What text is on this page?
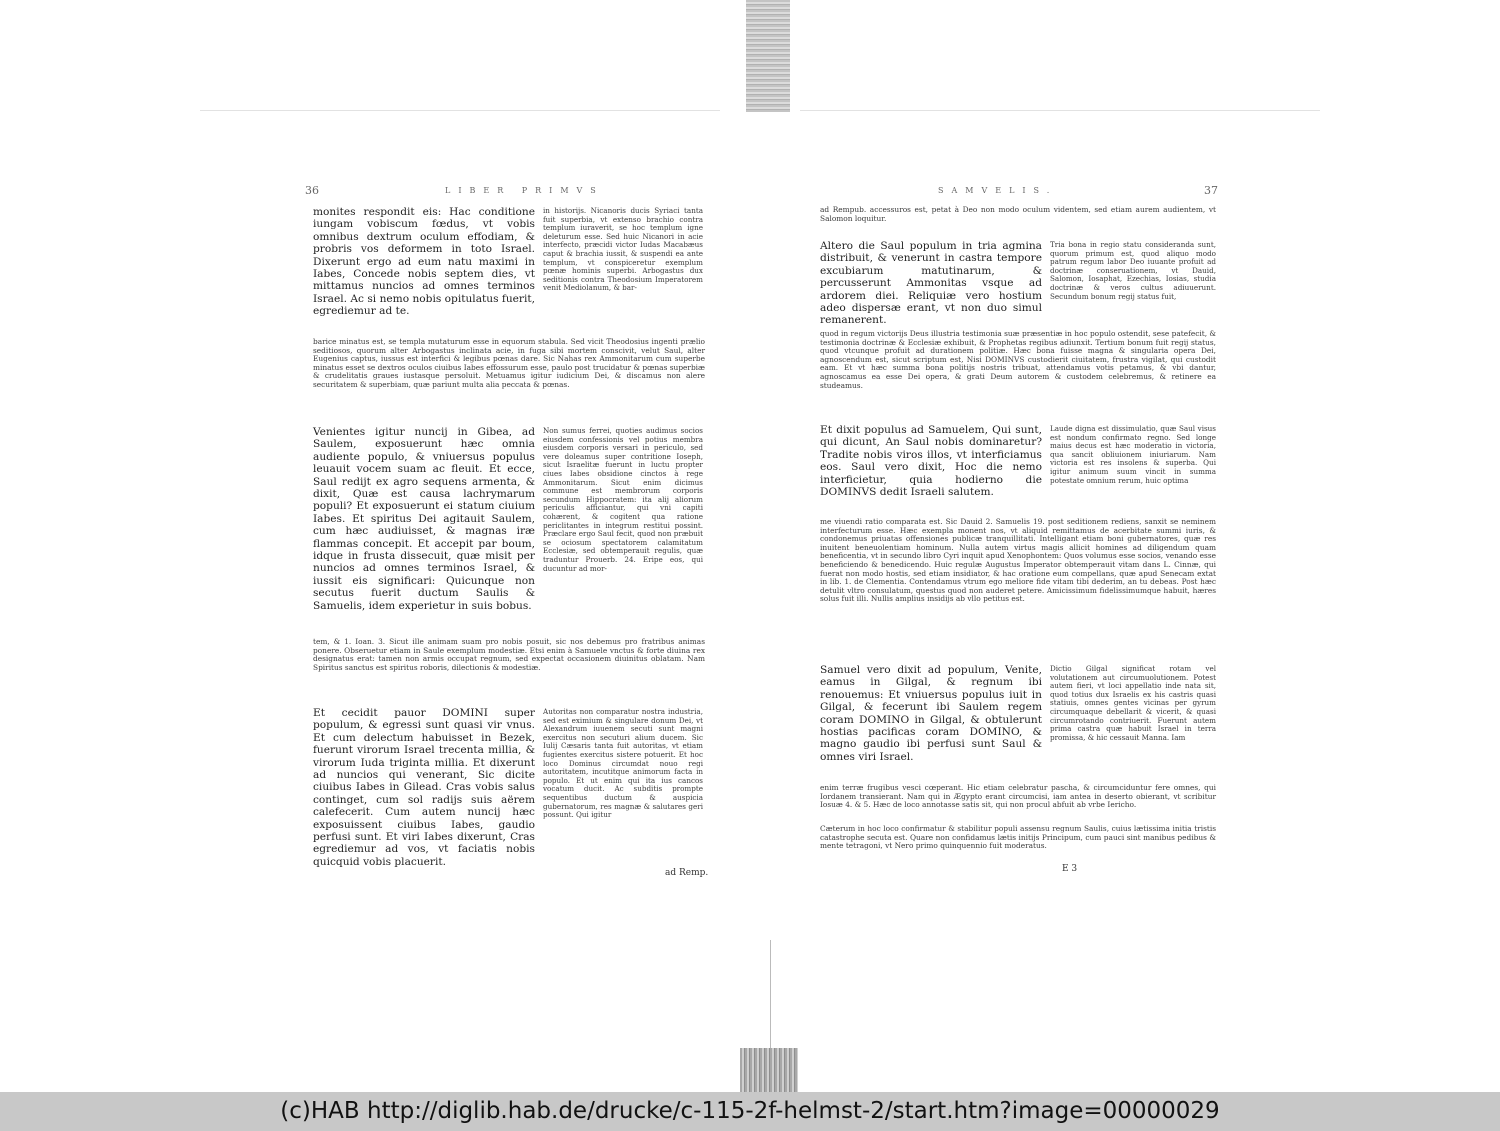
36	LIBER PRIMVS
monites respondit eis: Hac conditione iungam vobiscum fœdus, vt vobis omnibus dextrum oculum effodiam, & probris vos deformem in toto Israel. Dixerunt ergo ad eum natu maximi in Iabes, Concede nobis septem dies, vt mittamus nuncios ad omnes terminos Israel. Ac si nemo nobis opitulatus fuerit, egrediemur ad te.
in historijs. Nicanoris ducis Syriaci tanta fuit superbia, vt extenso brachio contra templum iuraverit, se hoc templum igne deleturum esse. Sed huic Nicanori in acie interfecto, præcidi victor Iudas Macabæus caput & brachia iussit, & suspendi ea ante templum, vt conspiceretur exemplum pœnæ hominis superbi. Arbogastus dux seditionis contra Theodosium Imperatorem venit Mediolanum, & bar-
barice minatus est, se templa mutaturum esse in equorum stabula. Sed vicit Theodosius ingenti prælio seditiosos, quorum alter Arbogastus inclinata acie, in fuga sibi mortem conscivit, velut Saul, alter Eugenius captus, iussus est interfici & legibus pœnas dare. Sic Nahas rex Ammonitarum cum superbe minatus esset se dextros oculos ciuibus Iabes effossurum esse, paulo post trucidatur & pœnas superbiæ & crudelitatis graues iustasque persoluit. Metuamus igitur iudicium Dei, & discamus non alere securitatem & superbiam, quæ pariunt multa alia peccata & pœnas.
Venientes igitur nuncij in Gibea, ad Saulem, exposuerunt hæc omnia audiente populo, & vniuersus populus leuauit vocem suam ac fleuit. Et ecce, Saul redijt ex agro sequens armenta, & dixit, Quæ est causa lachrymarum populi? Et exposuerunt ei statum ciuium Iabes. Et spiritus Dei agitauit Saulem, cum hæc audiuisset, & magnas iræ flammas concepit. Et accepit par boum, idque in frusta dissecuit, quæ misit per nuncios ad omnes terminos Israel, & iussit eis significari: Quicunque non secutus fuerit ductum Saulis & Samuelis, idem experietur in suis bobus.
Non sumus ferrei, quoties audimus socios eiusdem confessionis vel potius membra eiusdem corporis versari in periculo, sed vere doleamus super contritione Ioseph, sicut Israelitæ fuerunt in luctu propter ciues Iabes obsidione cinctos à rege Ammonitarum. Sicut enim dicimus commune est membrorum corporis secundum Hippocratem: ita alij aliorum periculis afficiantur, qui vni capiti cohærent, & cogitent qua ratione periclitantes in integrum restitui possint. Præclare ergo Saul fecit, quod non præbuit se ociosum spectatorem calamitatum Ecclesiæ, sed obtemperauit regulis, quæ traduntur Prouerb. 24. Eripe eos, qui ducuntur ad mor-
tem, & 1. Ioan. 3. Sicut ille animam suam pro nobis posuit, sic nos debemus pro fratribus animas ponere. Obseruetur etiam in Saule exemplum modestiæ. Etsi enim à Samuele vnctus & forte diuina rex designatus erat: tamen non armis occupat regnum, sed expectat occasionem diuinitus oblatam. Nam Spiritus sanctus est spiritus roboris, dilectionis & modestiæ.
Et cecidit pauor DOMINI super populum, & egressi sunt quasi vir vnus. Et cum delectum habuisset in Bezek, fuerunt virorum Israel trecenta millia, & virorum Iuda triginta millia. Et dixerunt ad nuncios qui venerant, Sic dicite ciuibus Iabes in Gilead. Cras vobis salus continget, cum sol radijs suis aërem calefecerit. Cum autem nuncij hæc exposuissent ciuibus Iabes, gaudio perfusi sunt. Et viri Iabes dixerunt, Cras egrediemur ad vos, vt faciatis nobis quicquid vobis placuerit.
Autoritas non comparatur nostra industria, sed est eximium & singulare donum Dei, vt Alexandrum iuuenem secuti sunt magni exercitus non secuturi alium ducem. Sic Iulij Cæsaris tanta fuit autoritas, vt etiam fugientes exercitus sistere potuerit. Et hoc loco Dominus circumdat nouo regi autoritatem, incutitque animorum facta in populo. Et ut enim qui ita ius cancos vocatum ducit. Ac subditis prompte sequentibus ductum & auspicia gubernatorum, res magnæ & salutares geri possunt. Qui igitur
ad Remp.
SAMVELIS.	37
ad Rempub. accessuros est, petat à Deo non modo oculum videntem, sed etiam aurem audientem, vt Salomon loquitur.
Altero die Saul populum in tria agmina distribuit, & venerunt in castra tempore excubiarum matutinarum, & percusserunt Ammonitas vsque ad ardorem diei. Reliquiæ vero hostium adeo dispersæ erant, vt non duo simul remanerent.
Tria bona in regio statu consideranda sunt, quorum primum est, quod aliquo modo patrum regum labor Deo iuuante profuit ad doctrinæ conseruationem, vt Dauid, Salomon, Iosaphat, Ezechias, Iosias, studia doctrinæ & veros cultus adiuuerunt. Secundum bonum regij status fuit,
quod in regum victorijs Deus illustria testimonia suæ præsentiæ in hoc populo ostendit, sese patefecit, & testimonia doctrinæ & Ecclesiæ exhibuit, & Prophetas regibus adiunxit. Tertium bonum fuit regij status, quod vtcunque profuit ad durationem politiæ. Hæc bona fuisse magna & singularia opera Dei, agnoscendum est, sicut scriptum est, Nisi DOMINVS custodierit ciuitatem, frustra vigilat, qui custodit eam. Et vt hæc summa bona politijs nostris tribuat, attendamus votis petamus, & vbi dantur, agnoscamus ea esse Dei opera, & grati Deum autorem & custodem celebremus, & retinere ea studeamus.
Et dixit populus ad Samuelem, Qui sunt, qui dicunt, An Saul nobis dominaretur? Tradite nobis viros illos, vt interficiamus eos. Saul vero dixit, Hoc die nemo interficietur, quia hodierno die DOMINVS dedit Israeli salutem.
Laude digna est dissimulatio, quæ Saul visus est nondum confirmato regno. Sed longe maius decus est hæc moderatio in victoria, qua sancit obliuionem iniuriarum. Nam victoria est res insolens & superba. Qui igitur animum suum vincit in summa potestate omnium rerum, huic optima
me viuendi ratio comparata est. Sic Dauid 2. Samuelis 19. post seditionem rediens, sanxit se neminem interfecturum esse. Hæc exempla monent nos, vt aliquid remittamus de acerbitate summi iuris, & condonemus priuatas offensiones publicæ tranquillitati. Intelligant etiam boni gubernatores, quæ res inuitent beneuolentiam hominum. Nulla autem virtus magis allicit homines ad diligendum quam beneficentia, vt in secundo libro Cyri inquit apud Xenophontem: Quos volumus esse socios, venando esse beneficiendo & benedicendo. Huic regulæ Augustus Imperator obtemperauit vitam dans L. Cinnæ, qui fuerat non modo hostis, sed etiam insidiator, & hac oratione eum compellans, quæ apud Senecam extat in lib. 1. de Clementia. Contendamus vtrum ego meliore fide vitam tibi dederim, an tu debeas. Post hæc detulit vltro consulatum, questus quod non auderet petere. Amicissimum fidelissimumque habuit, hæres solus fuit illi. Nullis amplius insidijs ab vllo petitus est.
Samuel vero dixit ad populum, Venite, eamus in Gilgal, & regnum ibi renouemus: Et vniuersus populus iuit in Gilgal, & fecerunt ibi Saulem regem coram DOMINO in Gilgal, & obtulerunt hostias pacificas coram DOMINO, & magno gaudio ibi perfusi sunt Saul & omnes viri Israel.
Dictio Gilgal significat rotam vel volutationem aut circumuolutionem. Potest autem fieri, vt loci appellatio inde nata sit, quod totius dux Israelis ex his castris quasi statiuis, omnes gentes vicinas per gyrum circumquaque debellarit & vicerit, & quasi circumrotando contriuerit. Fuerunt autem prima castra quæ habuit Israel in terra promissa, & hic cessauit Manna. Iam
enim terræ frugibus vesci cœperant. Hic etiam celebratur pascha, & circumciduntur fere omnes, qui Iordanem transierant. Nam qui in Ægypto erant circumcisi, iam antea in deserto obierant, vt scribitur Iosuæ 4. & 5. Hæc de loco annotasse satis sit, qui non procul abfuit ab vrbe Iericho.
Cæterum in hoc loco confirmatur & stabilitur populi assensu regnum Saulis, cuius lætissima initia tristis catastrophe secuta est. Quare non confidamus lætis initijs Principum, cum pauci sint manibus pedibus & mente tetragoni, vt Nero primo quinquennio fuit moderatus.
E 3
(c)HAB http://diglib.hab.de/drucke/c-115-2f-helmst-2/start.htm?image=00000029
